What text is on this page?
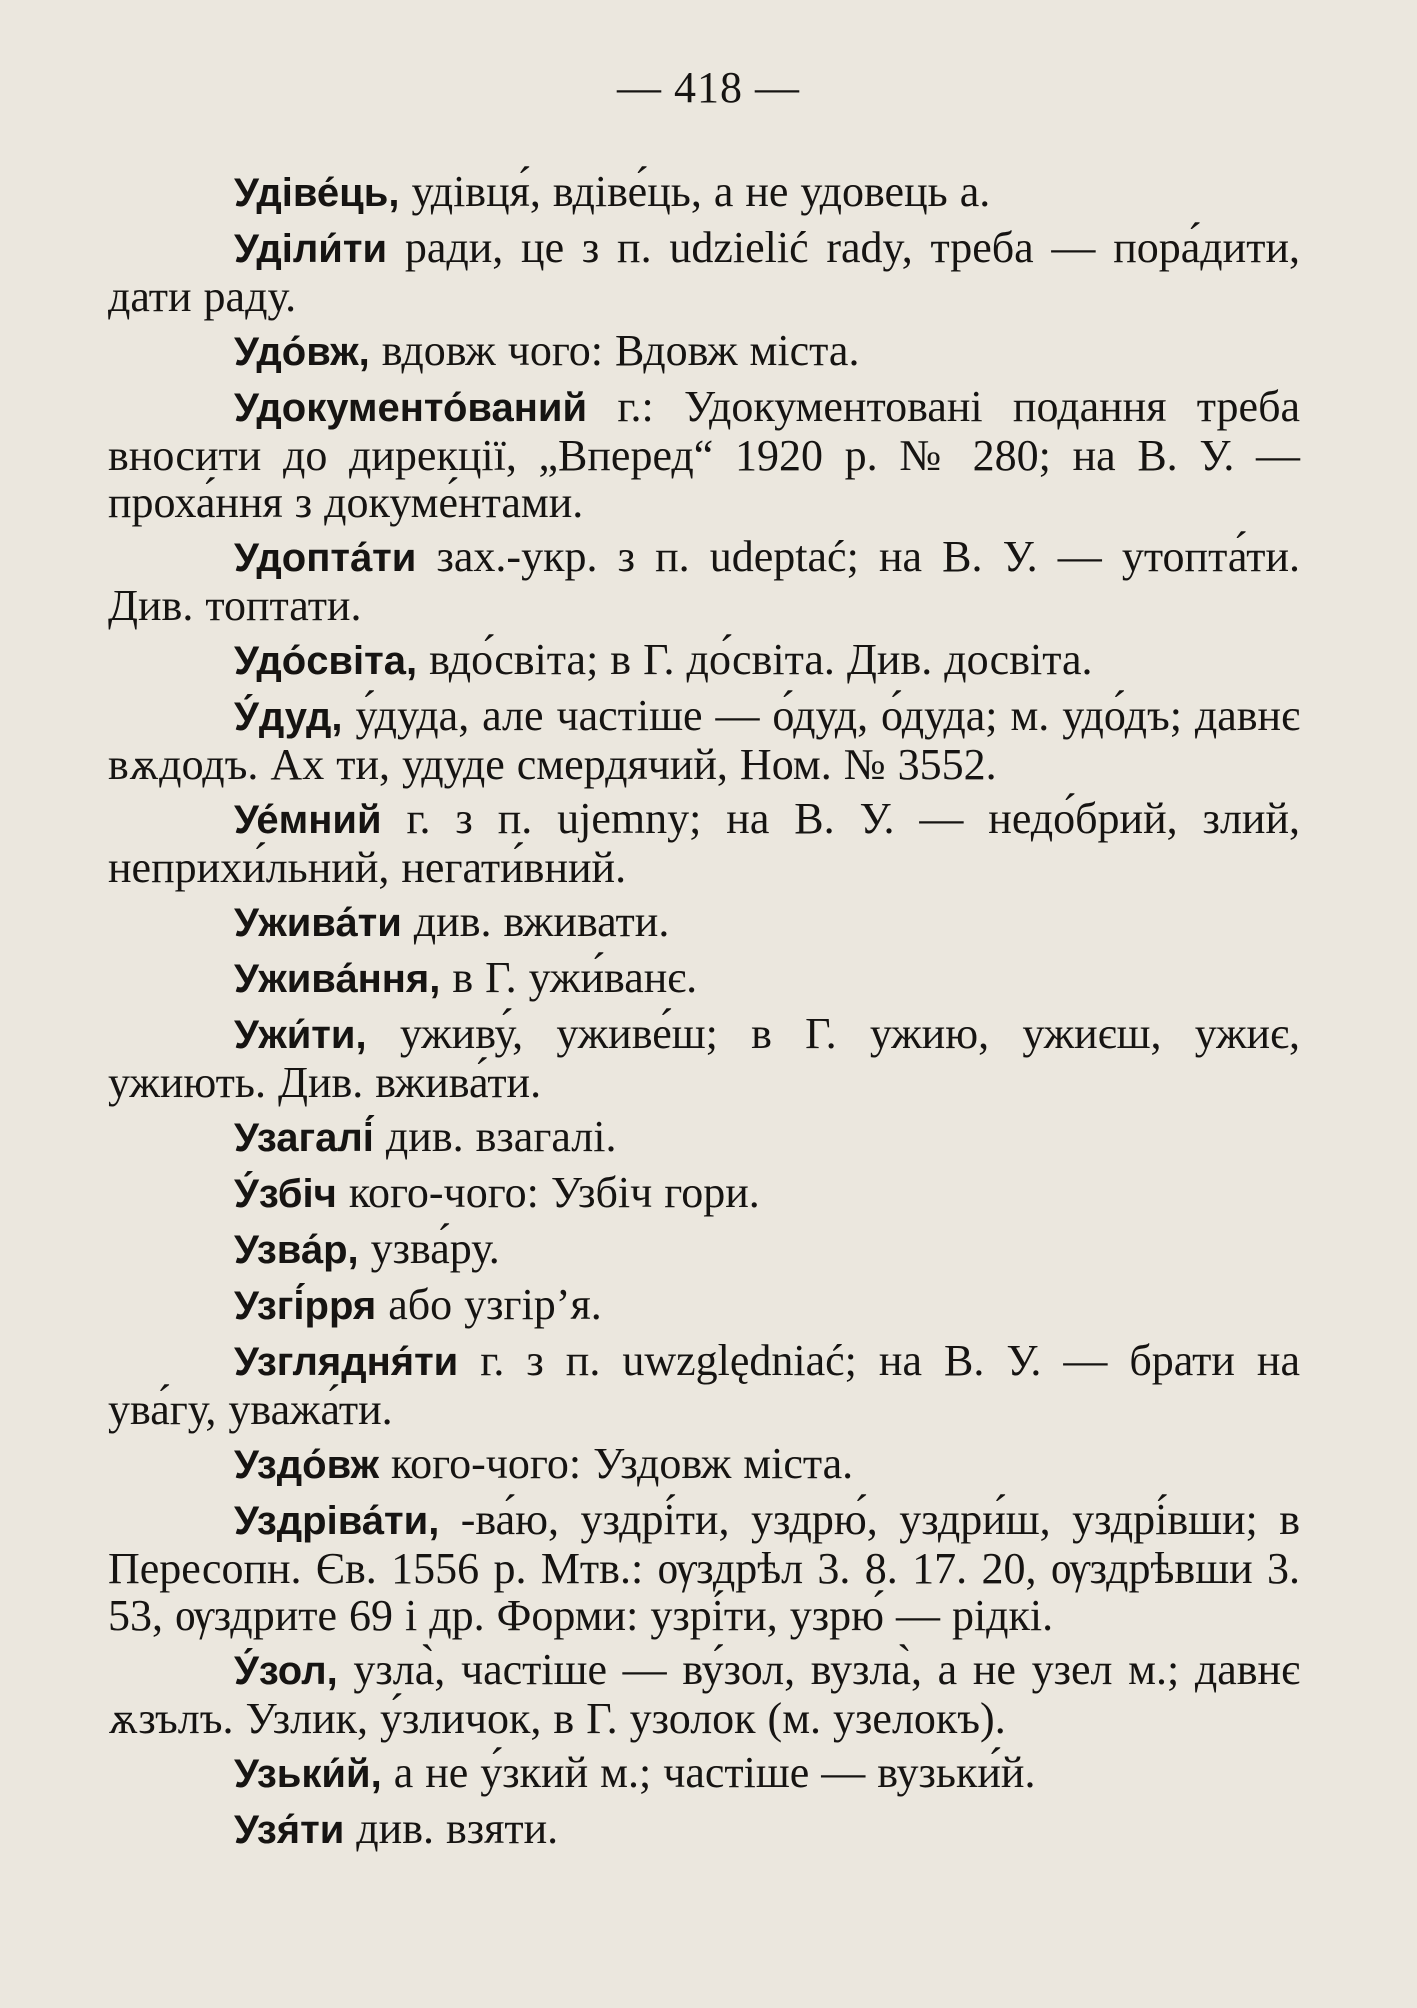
— 418 —

Удіве́ць, удівця́, вдіве́ць, а не удовець а.

Уділи́ти ради, це з п. udzielić rady, треба — пора́дити, дати раду.

Удо́вж, вдовж чого: Вдовж міста.

Удокументо́ваний г.: Удокументовані подання треба вносити до дирекції, „Вперед“ 1920 р. № 280; на В. У. — проха́ння з докуме́нтами.

Удопта́ти зах.-укр. з п. udeptać; на В. У. — утопта́ти. Див. топтати.

Удо́світа, вдо́світа; в Г. до́світа. Див. досвіта.

У́дуд, у́дуда, але частіше — о́дуд, о́дуда; м. удо́дъ; давнє вѫдодъ. Ах ти, удуде смердячий, Ном. № 3552.

Уе́мний г. з п. ujemny; на В. У. — недо́брий, злий, неприхи́льний, негати́вний.

Ужива́ти див. вживати.

Ужива́ння, в Г. ужи́ванє.

Ужи́ти, уживу́, уживе́ш; в Г. ужию, ужиєш, ужиє, ужиють. Див. вжива́ти.

Узагалі́ див. взагалі.

У́збіч кого-чого: Узбіч гори.

Узва́р, узва́ру.

Узгі́рря або узгір’я.

Узглядня́ти г. з п. uwzględniać; на В. У. — брати на ува́гу, уважа́ти.

Уздо́вж кого-чого: Уздовж міста.

Уздріва́ти, -ва́ю, уздрі́ти, уздрю́, уздри́ш, уздрі́вши; в Пересопн. Єв. 1556 р. Мтв.: ѹздрѣл 3. 8. 17. 20, ѹздрѣвши 3. 53, ѹздрите 69 і др. Форми: узрі́ти, узрю́ — рідкі.

У́зол, узла̀, частіше — ву́зол, вузла̀, а не узел м.; давнє ѫзълъ. Узлик, у́зличок, в Г. узолок (м. узелокъ).

Узьки́й, а не у́зкий м.; частіше — вузьки́й.

Узя́ти див. взяти.
